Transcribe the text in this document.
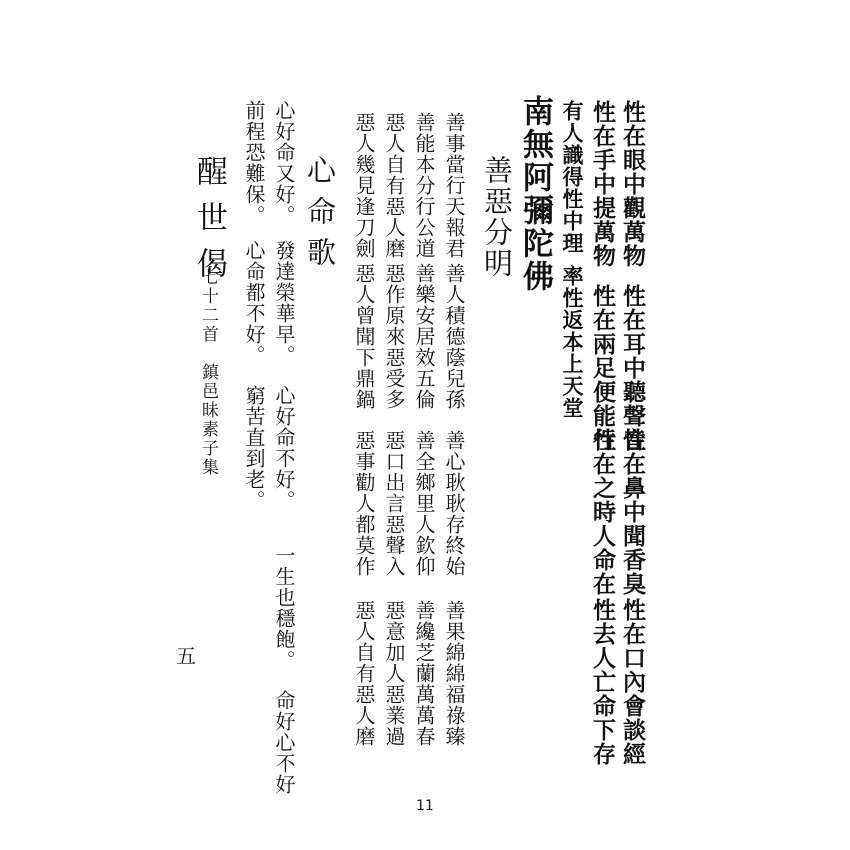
性在眼中觀萬物
性在耳中聽聲音
性在鼻中聞香臭
性在口內會談經
性在手中提萬物
性在兩足便能行
性在之時人命在
性去人亡命下存
有人識得性中理
率性返本上天堂
南無阿彌陀佛
善惡分明
善事當行天報君
善人積德蔭兒孫
善心耿耿存終始
善果綿綿福祿臻
善能本分行公道
善樂安居效五倫
善全鄉里人欽仰
善纔芝蘭萬萬春
惡人自有惡人磨
惡作原來惡受多
惡口出言惡聲入
惡意加人惡業過
惡人幾見逢刀劍
惡人曾聞下鼎鍋
惡事勸人都莫作
惡人自有惡人磨
心命歌
心好命又好。
發達榮華早。
心好命不好。
一生也穩飽。
命好心不好
前程恐難保。
心命都不好。
窮苦直到老。
醒世偈
七十二首　鎮邑昧素子集
五
11
